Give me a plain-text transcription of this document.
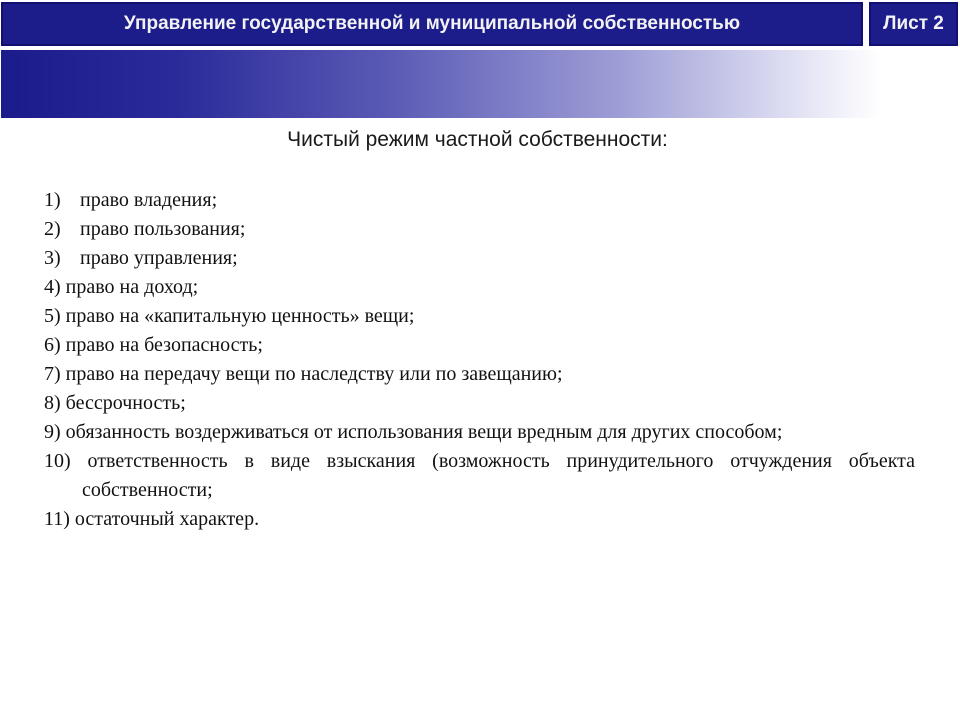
Управление государственной и муниципальной собственностью	Лист 2
Чистый режим частной собственности:
1) право владения;
2) право пользования;
3) право управления;
4) право на доход;
5) право на «капитальную ценность» вещи;
6) право на безопасность;
7) право на передачу вещи по наследству или по завещанию;
8) бессрочность;
9) обязанность воздерживаться от использования вещи вредным для других способом;
10) ответственность в виде взыскания (возможность принудительного отчуждения объекта собственности;
11) остаточный характер.
